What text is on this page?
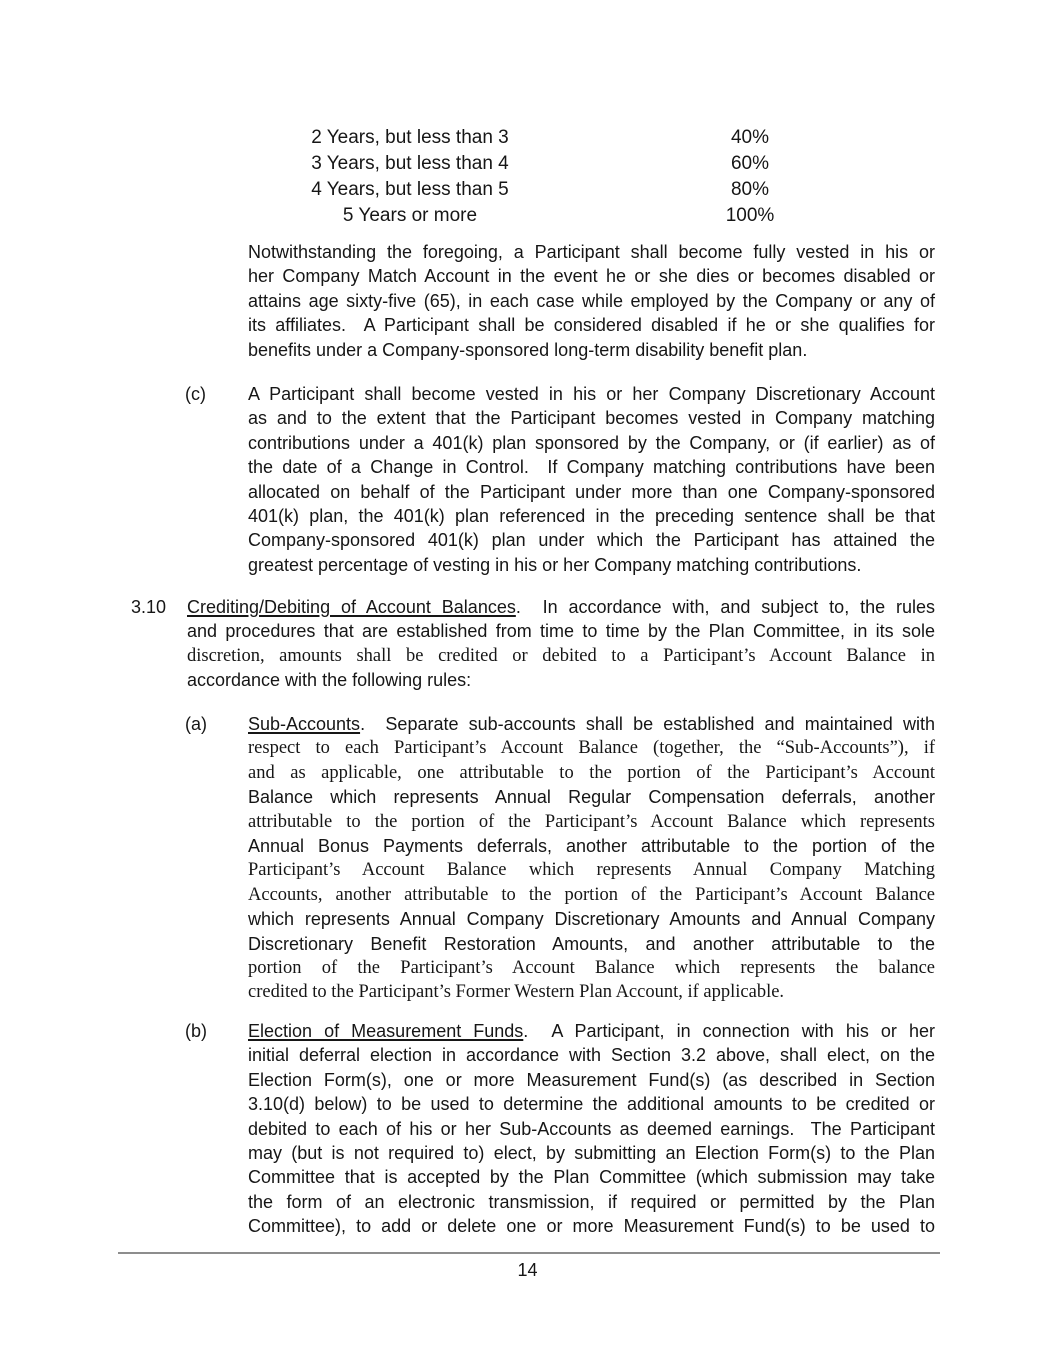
2 Years, but less than 3	40%
3 Years, but less than 4	60%
4 Years, but less than 5	80%
5 Years or more	100%
Notwithstanding the foregoing, a Participant shall become fully vested in his or
her Company Match Account in the event he or she dies or becomes disabled or
attains age sixty-five (65), in each case while employed by the Company or any of
its affiliates.  A Participant shall be considered disabled if he or she qualifies for
benefits under a Company-sponsored long-term disability benefit plan.
(c)	A Participant shall become vested in his or her Company Discretionary Account
as and to the extent that the Participant becomes vested in Company matching
contributions under a 401(k) plan sponsored by the Company, or (if earlier) as of
the date of a Change in Control.  If Company matching contributions have been
allocated on behalf of the Participant under more than one Company-sponsored
401(k) plan, the 401(k) plan referenced in the preceding sentence shall be that
Company-sponsored 401(k) plan under which the Participant has attained the
greatest percentage of vesting in his or her Company matching contributions.
3.10	Crediting/Debiting of Account Balances.  In accordance with, and subject to, the rules
and procedures that are established from time to time by the Plan Committee, in its sole
discretion, amounts shall be credited or debited to a Participant’s Account Balance in
accordance with the following rules:
(a)	Sub-Accounts.  Separate sub-accounts shall be established and maintained with
respect to each Participant’s Account Balance (together, the “Sub-Accounts”), if
and as applicable, one attributable to the portion of the Participant’s Account
Balance which represents Annual Regular Compensation deferrals, another
attributable to the portion of the Participant’s Account Balance which represents
Annual Bonus Payments deferrals, another attributable to the portion of the
Participant’s Account Balance which represents Annual Company Matching
Accounts, another attributable to the portion of the Participant’s Account Balance
which represents Annual Company Discretionary Amounts and Annual Company
Discretionary Benefit Restoration Amounts, and another attributable to the
portion of the Participant’s Account Balance which represents the balance
credited to the Participant’s Former Western Plan Account, if applicable.
(b)	Election of Measurement Funds.  A Participant, in connection with his or her
initial deferral election in accordance with Section 3.2 above, shall elect, on the
Election Form(s), one or more Measurement Fund(s) (as described in Section
3.10(d) below) to be used to determine the additional amounts to be credited or
debited to each of his or her Sub-Accounts as deemed earnings.  The Participant
may (but is not required to) elect, by submitting an Election Form(s) to the Plan
Committee that is accepted by the Plan Committee (which submission may take
the form of an electronic transmission, if required or permitted by the Plan
Committee), to add or delete one or more Measurement Fund(s) to be used to
14
